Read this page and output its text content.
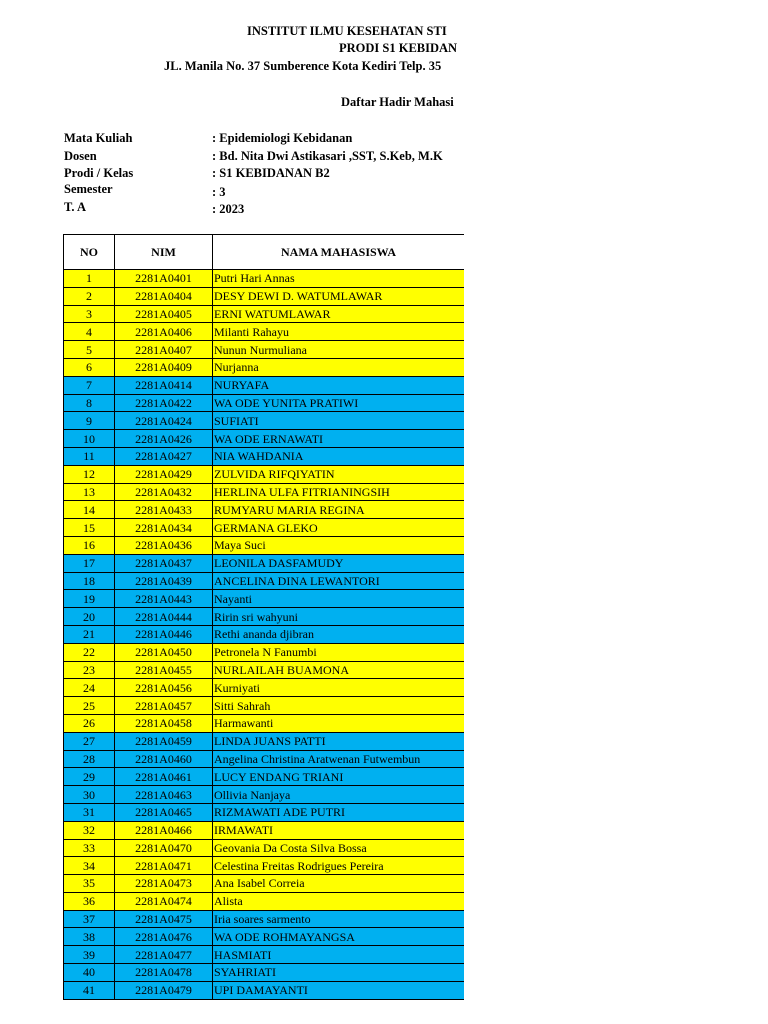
INSTITUT ILMU KESEHATAN STI
PRODI S1 KEBIDAN
JL. Manila No. 37 Sumberence Kota Kediri Telp. 35
Daftar Hadir Mahasi
Mata Kuliah	: Epidemiologi Kebidanan
Dosen	: Bd. Nita Dwi Astikasari ,SST, S.Keb, M.K
Prodi / Kelas	: S1 KEBIDANAN B2
Semester	: 3
T. A	: 2023
NO	NIM	NAMA MAHASISWA
1	2281A0401	Putri Hari Annas
2	2281A0404	DESY DEWI D. WATUMLAWAR
3	2281A0405	ERNI WATUMLAWAR
4	2281A0406	Milanti Rahayu
5	2281A0407	Nunun Nurmuliana
6	2281A0409	Nurjanna
7	2281A0414	NURYAFA
8	2281A0422	WA ODE YUNITA PRATIWI
9	2281A0424	SUFIATI
10	2281A0426	WA ODE ERNAWATI
11	2281A0427	NIA WAHDANIA
12	2281A0429	ZULVIDA RIFQIYATIN
13	2281A0432	HERLINA ULFA FITRIANINGSIH
14	2281A0433	RUMYARU MARIA REGINA
15	2281A0434	GERMANA GLEKO
16	2281A0436	Maya Suci
17	2281A0437	LEONILA DASFAMUDY
18	2281A0439	ANCELINA DINA LEWANTORI
19	2281A0443	Nayanti
20	2281A0444	Ririn sri wahyuni
21	2281A0446	Rethi ananda djibran
22	2281A0450	Petronela N Fanumbi
23	2281A0455	NURLAILAH BUAMONA
24	2281A0456	Kurniyati
25	2281A0457	Sitti Sahrah
26	2281A0458	Harmawanti
27	2281A0459	LINDA JUANS PATTI
28	2281A0460	Angelina Christina Aratwenan Futwembun
29	2281A0461	LUCY ENDANG TRIANI
30	2281A0463	Ollivia Nanjaya
31	2281A0465	RIZMAWATI ADE PUTRI
32	2281A0466	IRMAWATI
33	2281A0470	Geovania Da Costa Silva Bossa
34	2281A0471	Celestina Freitas Rodrigues Pereira
35	2281A0473	Ana Isabel Correia
36	2281A0474	Alista
37	2281A0475	Iria soares sarmento
38	2281A0476	WA ODE ROHMAYANGSA
39	2281A0477	HASMIATI
40	2281A0478	SYAHRIATI
41	2281A0479	UPI DAMAYANTI
